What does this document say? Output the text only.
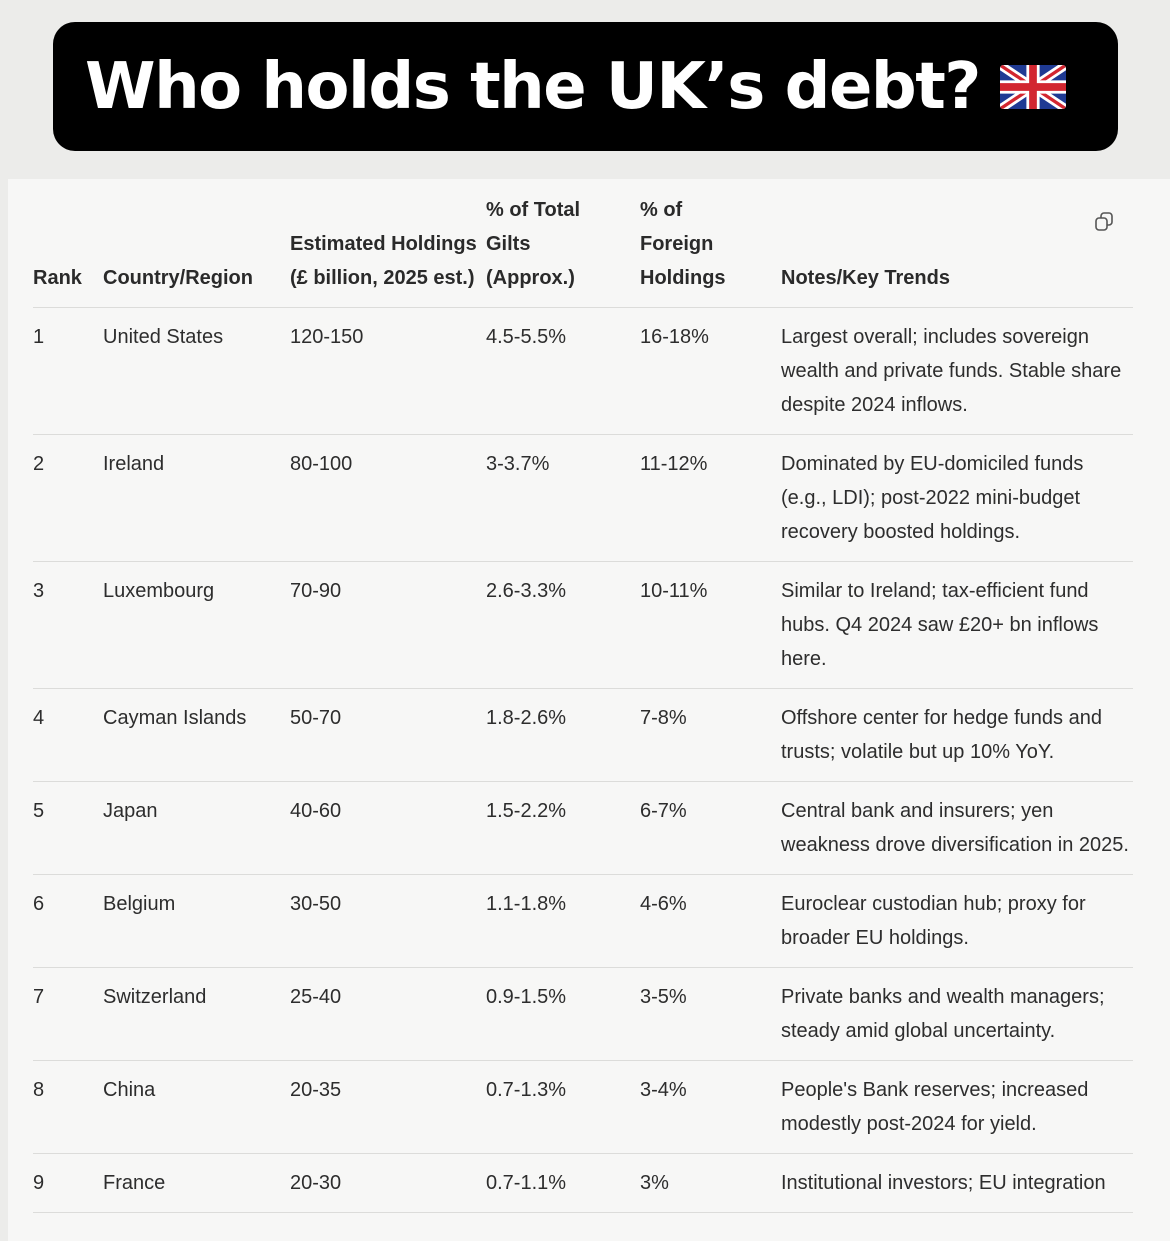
Who holds the UK’s debt?
Rank	Country/Region	Estimated Holdings (£ billion, 2025 est.)	% of Total Gilts (Approx.)	% of Foreign Holdings	Notes/Key Trends
1	United States	120-150	4.5-5.5%	16-18%	Largest overall; includes sovereign wealth and private funds. Stable share despite 2024 inflows.
2	Ireland	80-100	3-3.7%	11-12%	Dominated by EU-domiciled funds (e.g., LDI); post-2022 mini-budget recovery boosted holdings.
3	Luxembourg	70-90	2.6-3.3%	10-11%	Similar to Ireland; tax-efficient fund hubs. Q4 2024 saw £20+ bn inflows here.
4	Cayman Islands	50-70	1.8-2.6%	7-8%	Offshore center for hedge funds and trusts; volatile but up 10% YoY.
5	Japan	40-60	1.5-2.2%	6-7%	Central bank and insurers; yen weakness drove diversification in 2025.
6	Belgium	30-50	1.1-1.8%	4-6%	Euroclear custodian hub; proxy for broader EU holdings.
7	Switzerland	25-40	0.9-1.5%	3-5%	Private banks and wealth managers; steady amid global uncertainty.
8	China	20-35	0.7-1.3%	3-4%	People's Bank reserves; increased modestly post-2024 for yield.
9	France	20-30	0.7-1.1%	3%	Institutional investors; EU integration
